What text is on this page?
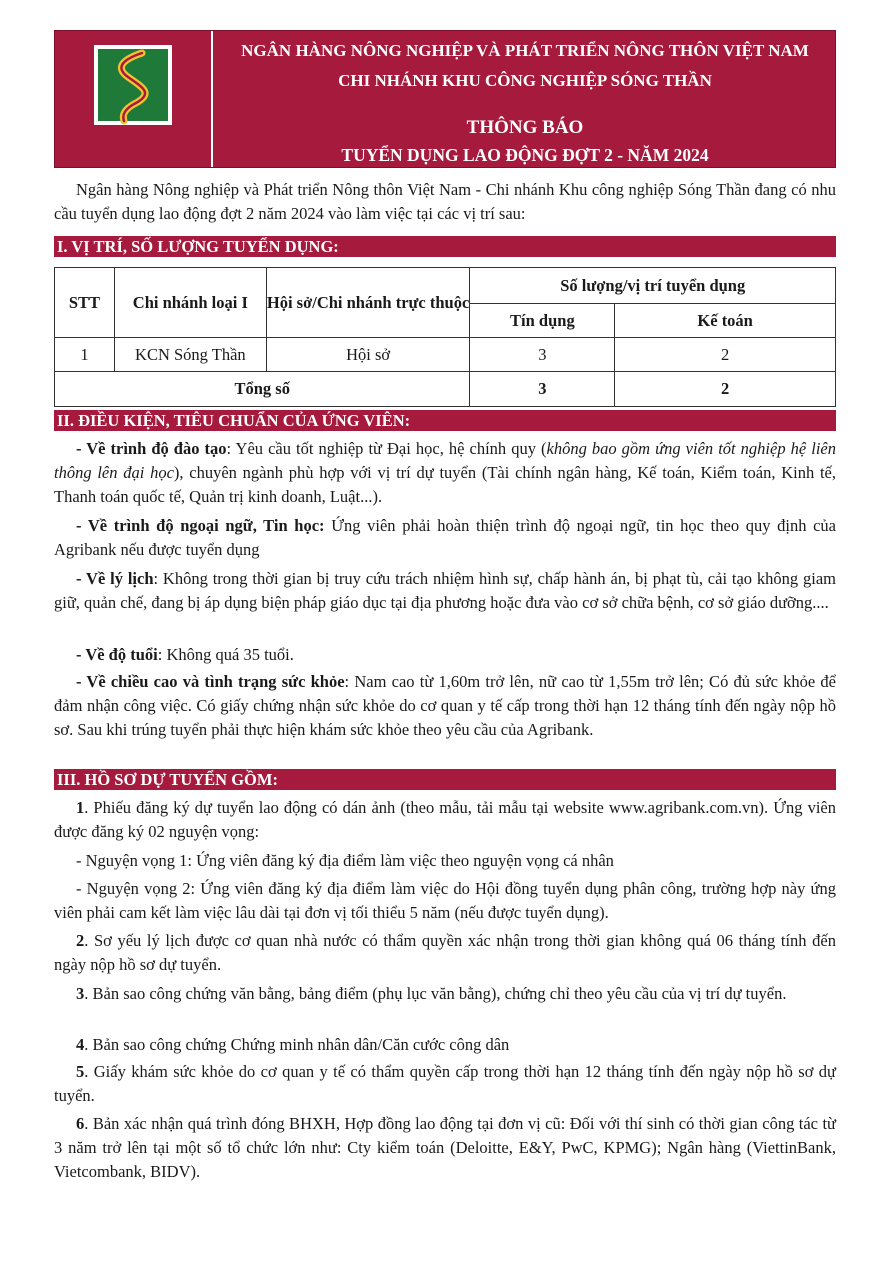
NGÂN HÀNG NÔNG NGHIỆP VÀ PHÁT TRIỂN NÔNG THÔN VIỆT NAM
CHI NHÁNH KHU CÔNG NGHIỆP SÓNG THẦN
THÔNG BÁO
TUYỂN DỤNG LAO ĐỘNG ĐỢT 2 - NĂM 2024

Ngân hàng Nông nghiệp và Phát triển Nông thôn Việt Nam - Chi nhánh Khu công nghiệp Sóng Thần đang có nhu cầu tuyển dụng lao động đợt 2 năm 2024 vào làm việc tại các vị trí sau:

I. VỊ TRÍ, SỐ LƯỢNG TUYỂN DỤNG:
STT	Chi nhánh loại I	Hội sở/Chi nhánh trực thuộc	Số lượng/vị trí tuyển dụng	
			Tín dụng	Kế toán
1	KCN Sóng Thần	Hội sở	3	2
Tổng số			3	2
II. ĐIỀU KIỆN, TIÊU CHUẨN CỦA ỨNG VIÊN:

- Về trình độ đào tạo: Yêu cầu tốt nghiệp từ Đại học, hệ chính quy (không bao gồm ứng viên tốt nghiệp hệ liên thông lên đại học), chuyên ngành phù hợp với vị trí dự tuyển (Tài chính ngân hàng, Kế toán, Kiểm toán, Kinh tế, Thanh toán quốc tế, Quản trị kinh doanh, Luật...).

- Về trình độ ngoại ngữ, Tin học: Ứng viên phải hoàn thiện trình độ ngoại ngữ, tin học theo quy định của Agribank nếu được tuyển dụng

- Về lý lịch: Không trong thời gian bị truy cứu trách nhiệm hình sự, chấp hành án, bị phạt tù, cải tạo không giam giữ, quản chế, đang bị áp dụng biện pháp giáo dục tại địa phương hoặc đưa vào cơ sở chữa bệnh, cơ sở giáo dưỡng....

- Về độ tuổi: Không quá 35 tuổi.

- Về chiều cao và tình trạng sức khỏe: Nam cao từ 1,60m trở lên, nữ cao từ 1,55m trở lên; Có đủ sức khỏe để đảm nhận công việc. Có giấy chứng nhận sức khỏe do cơ quan y tế cấp trong thời hạn 12 tháng tính đến ngày nộp hồ sơ. Sau khi trúng tuyển phải thực hiện khám sức khỏe theo yêu cầu của Agribank.

III. HỒ SƠ DỰ TUYỂN GỒM:

1. Phiếu đăng ký dự tuyển lao động có dán ảnh (theo mẫu, tải mẫu tại website www.agribank.com.vn). Ứng viên được đăng ký 02 nguyện vọng:

- Nguyện vọng 1: Ứng viên đăng ký địa điểm làm việc theo nguyện vọng cá nhân

- Nguyện vọng 2: Ứng viên đăng ký địa điểm làm việc do Hội đồng tuyển dụng phân công, trường hợp này ứng viên phải cam kết làm việc lâu dài tại đơn vị tối thiểu 5 năm (nếu được tuyển dụng).

2. Sơ yếu lý lịch được cơ quan nhà nước có thẩm quyền xác nhận trong thời gian không quá 06 tháng tính đến ngày nộp hồ sơ dự tuyển.

3. Bản sao công chứng văn bằng, bảng điểm (phụ lục văn bằng), chứng chỉ theo yêu cầu của vị trí dự tuyển.

4. Bản sao công chứng Chứng minh nhân dân/Căn cước công dân

5. Giấy khám sức khỏe do cơ quan y tế có thẩm quyền cấp trong thời hạn 12 tháng tính đến ngày nộp hồ sơ dự tuyển.

6. Bản xác nhận quá trình đóng BHXH, Hợp đồng lao động tại đơn vị cũ: Đối với thí sinh có thời gian công tác từ 3 năm trở lên tại một số tổ chức lớn như: Cty kiểm toán (Deloitte, E&Y, PwC, KPMG); Ngân hàng (ViettinBank, Vietcombank, BIDV).
